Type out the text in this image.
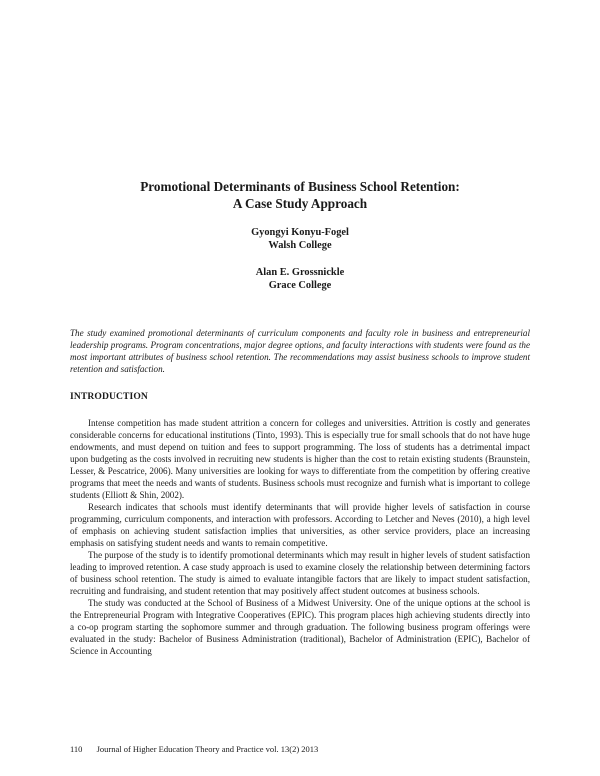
Promotional Determinants of Business School Retention:
A Case Study Approach
Gyongyi Konyu-Fogel
Walsh College
Alan E. Grossnickle
Grace College
The study examined promotional determinants of curriculum components and faculty role in business and entrepreneurial leadership programs. Program concentrations, major degree options, and faculty interactions with students were found as the most important attributes of business school retention. The recommendations may assist business schools to improve student retention and satisfaction.
INTRODUCTION

Intense competition has made student attrition a concern for colleges and universities. Attrition is costly and generates considerable concerns for educational institutions (Tinto, 1993). This is especially true for small schools that do not have huge endowments, and must depend on tuition and fees to support programming. The loss of students has a detrimental impact upon budgeting as the costs involved in recruiting new students is higher than the cost to retain existing students (Braunstein, Lesser, & Pescatrice, 2006). Many universities are looking for ways to differentiate from the competition by offering creative programs that meet the needs and wants of students. Business schools must recognize and furnish what is important to college students (Elliott & Shin, 2002).

Research indicates that schools must identify determinants that will provide higher levels of satisfaction in course programming, curriculum components, and interaction with professors. According to Letcher and Neves (2010), a high level of emphasis on achieving student satisfaction implies that universities, as other service providers, place an increasing emphasis on satisfying student needs and wants to remain competitive.

The purpose of the study is to identify promotional determinants which may result in higher levels of student satisfaction leading to improved retention. A case study approach is used to examine closely the relationship between determining factors of business school retention. The study is aimed to evaluate intangible factors that are likely to impact student satisfaction, recruiting and fundraising, and student retention that may positively affect student outcomes at business schools.

The study was conducted at the School of Business of a Midwest University. One of the unique options at the school is the Entrepreneurial Program with Integrative Cooperatives (EPIC). This program places high achieving students directly into a co-op program starting the sophomore summer and through graduation. The following business program offerings were evaluated in the study: Bachelor of Business Administration (traditional), Bachelor of Administration (EPIC), Bachelor of Science in Accounting

110 Journal of Higher Education Theory and Practice vol. 13(2) 2013
